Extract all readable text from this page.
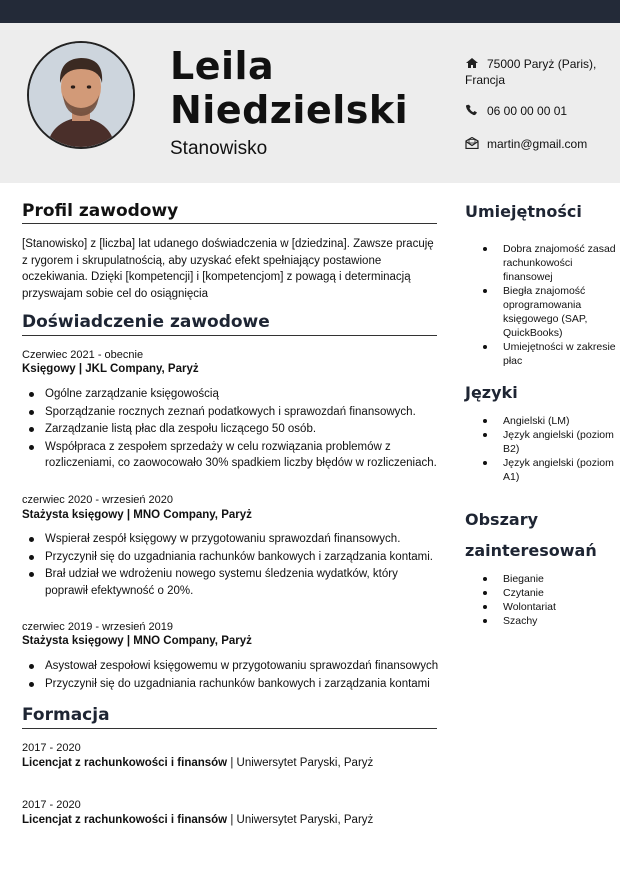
Leila
Niedzielski
Stanowisko
75000 Paryż (Paris), Francja
06 00 00 00 01
martin@gmail.com
Profil zawodowy
[Stanowisko] z [liczba] lat udanego doświadczenia w [dziedzina]. Zawsze pracuję z rygorem i skrupulatnością, aby uzyskać efekt spełniający postawione oczekiwania. Dzięki [kompetencji] i [kompetencjom] z powagą i determinacją przyswajam sobie cel do osiągnięcia
Doświadczenie zawodowe
Czerwiec 2021 - obecnie
Księgowy | JKL Company, Paryż
Ogólne zarządzanie księgowością
Sporządzanie rocznych zeznań podatkowych i sprawozdań finansowych.
Zarządzanie listą płac dla zespołu liczącego 50 osób.
Współpraca z zespołem sprzedaży w celu rozwiązania problemów z rozliczeniami, co zaowocowało 30% spadkiem liczby błędów w rozliczeniach.
czerwiec 2020 - wrzesień 2020
Stażysta księgowy | MNO Company, Paryż
Wspierał zespół księgowy w przygotowaniu sprawozdań finansowych.
Przyczynił się do uzgadniania rachunków bankowych i zarządzania kontami.
Brał udział we wdrożeniu nowego systemu śledzenia wydatków, który poprawił efektywność o 20%.
czerwiec 2019 - wrzesień 2019
Stażysta księgowy | MNO Company, Paryż
Asystował zespołowi księgowemu w przygotowaniu sprawozdań finansowych
Przyczynił się do uzgadniania rachunków bankowych i zarządzania kontami
Formacja
2017 - 2020
Licencjat z rachunkowości i finansów | Uniwersytet Paryski, Paryż
2017 - 2020
Licencjat z rachunkowości i finansów | Uniwersytet Paryski, Paryż
Umiejętności
Dobra znajomość zasad rachunkowości finansowej
Biegła znajomość oprogramowania księgowego (SAP, QuickBooks)
Umiejętności w zakresie płac
Języki
Angielski (LM)
Język angielski (poziom B2)
Język angielski (poziom A1)
Obszary
zainteresowań
Bieganie
Czytanie
Wolontariat
Szachy
